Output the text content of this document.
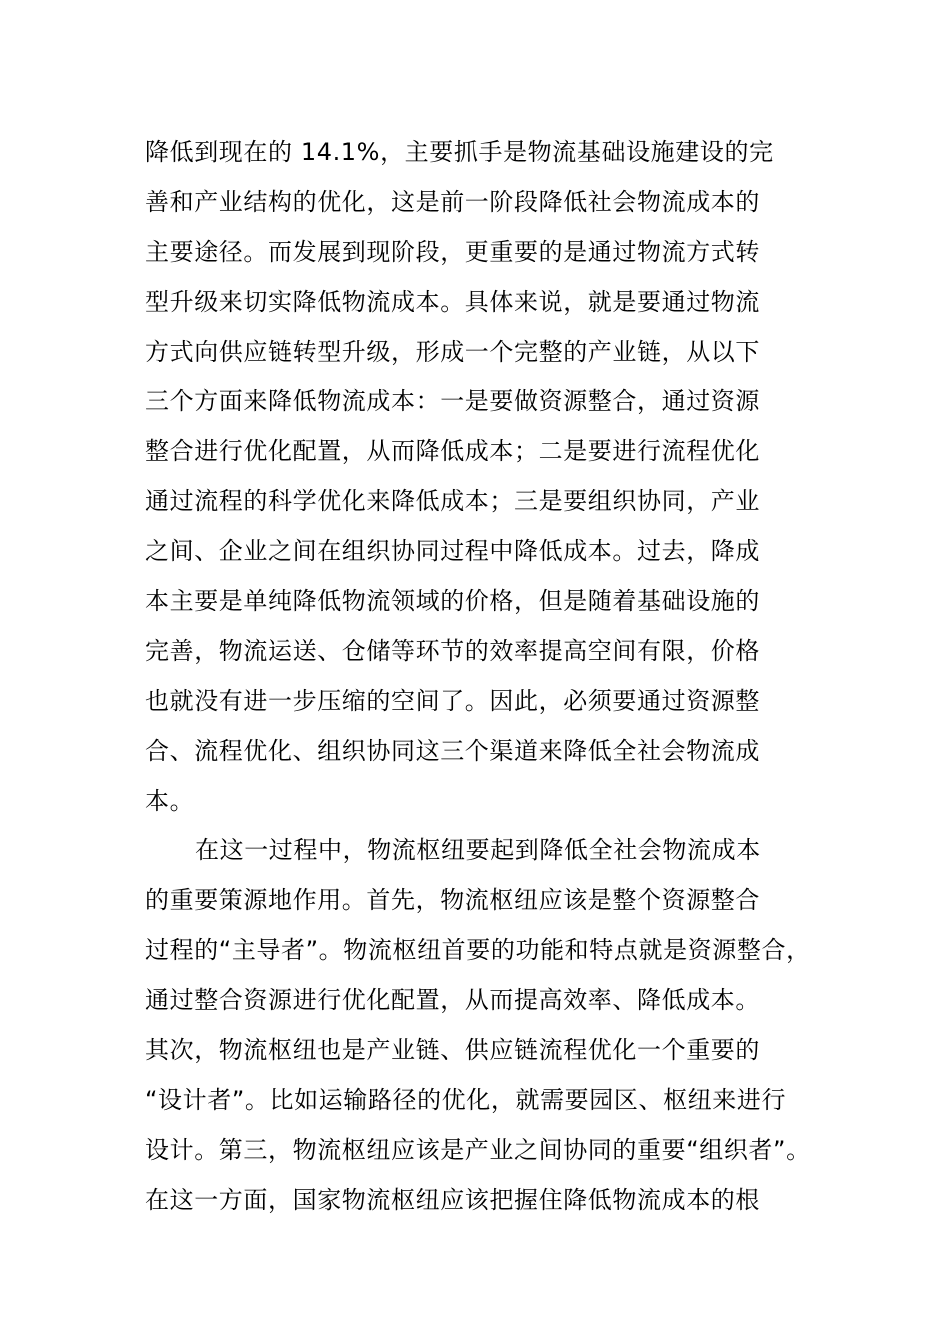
降低到现在的 14.1%，主要抓手是物流基础设施建设的完
善和产业结构的优化，这是前一阶段降低社会物流成本的
主要途径。而发展到现阶段，更重要的是通过物流方式转
型升级来切实降低物流成本。具体来说，就是要通过物流
方式向供应链转型升级，形成一个完整的产业链，从以下
三个方面来降低物流成本：一是要做资源整合，通过资源
整合进行优化配置，从而降低成本；二是要进行流程优化
通过流程的科学优化来降低成本；三是要组织协同，产业
之间、企业之间在组织协同过程中降低成本。过去，降成
本主要是单纯降低物流领域的价格，但是随着基础设施的
完善，物流运送、仓储等环节的效率提高空间有限，价格
也就没有进一步压缩的空间了。因此，必须要通过资源整
合、流程优化、组织协同这三个渠道来降低全社会物流成
本。
在这一过程中，物流枢纽要起到降低全社会物流成本
的重要策源地作用。首先，物流枢纽应该是整个资源整合
过程的“主导者”。物流枢纽首要的功能和特点就是资源整合，
通过整合资源进行优化配置，从而提高效率、降低成本。
其次，物流枢纽也是产业链、供应链流程优化一个重要的
“设计者”。比如运输路径的优化，就需要园区、枢纽来进行
设计。第三，物流枢纽应该是产业之间协同的重要“组织者”。
在这一方面，国家物流枢纽应该把握住降低物流成本的根
